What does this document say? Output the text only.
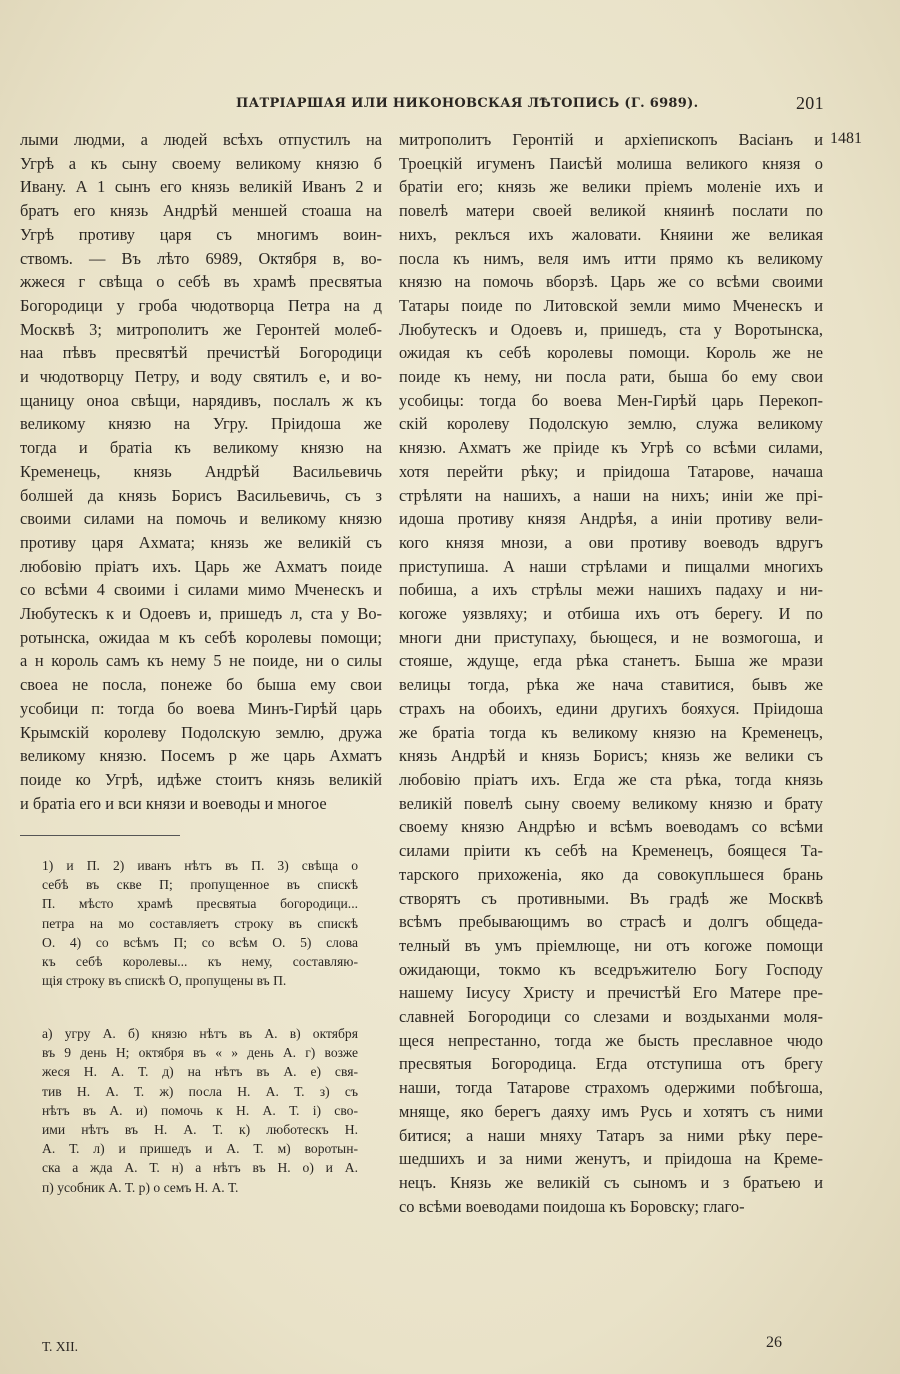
ПАТРІАРШАЯ ИЛИ НИКОНОВСКАЯ ЛѢТОПИСЬ (Г. 6989).	201
лыми людми, а людей всѣхъ отпустилъ на
Угрѣ а къ сыну своему великому князю б
Ивану. А 1 сынъ его князь великій Иванъ 2 и
братъ его князь Андрѣй меншей стоаша на
Угрѣ противу царя съ многимъ воин-
ствомъ. — Въ лѣто 6989, Октября в, во-
жжеся г свѣща о себѣ въ храмѣ пресвятыа
Богородици у гроба чюдотворца Петра на д
Москвѣ 3; митрополитъ же Геронтей молеб-
наа пѣвъ пресвятѣй пречистѣй Богородици
и чюдотворцу Петру, и воду святилъ е, и во-
щаницу оноа свѣщи, нарядивъ, послалъ ж къ
великому князю на Угру. Пріидоша же
тогда и братіа къ великому князю на
Кременець, князь Андрѣй Васильевичь
болшей да князь Борисъ Васильевичь, съ з
своими силами на помочь и великому князю
противу царя Ахмата; князь же великій съ
любовію пріатъ ихъ. Царь же Ахматъ поиде
со всѣми 4 своими і силами мимо Мченескъ и
Любутескъ к и Одоевъ и, пришедъ л, ста у Во-
ротынска, ожидаа м къ себѣ королевы помощи;
а н король самъ къ нему 5 не поиде, ни о силы
своеа не посла, понеже бо быша ему свои
усобици п: тогда бо воева Минъ-Гирѣй царь
Крымскій королеву Подолскую землю, дружа
великому князю. Посемъ р же царь Ахматъ
поиде ко Угрѣ, идѣже стоитъ князь великій
и братіа его и вси князи и воеводы и многое
митрополитъ Геронтій и архіепископъ Васіанъ и
Троецкій игуменъ Паисѣй молиша великого князя о
братіи его; князь же велики пріемъ моленіе ихъ и
повелѣ матери своей великой княинѣ послати по
нихъ, реклъся ихъ жаловати. Княини же великая
посла къ нимъ, веля имъ итти прямо къ великому
князю на помочь вборзѣ. Царь же со всѣми своими
Татары поиде по Литовской земли мимо Мченескъ и
Любутескъ и Одоевъ и, пришедъ, ста у Воротынска,
ожидая къ себѣ королевы помощи. Король же не
поиде къ нему, ни посла рати, быша бо ему свои
усобицы: тогда бо воева Мен-Гирѣй царь Перекоп-
скій королеву Подолскую землю, служа великому
князю. Ахматъ же пріиде къ Угрѣ со всѣми силами,
хотя перейти рѣку; и пріидоша Татарове, начаша
стрѣляти на нашихъ, а наши на нихъ; иніи же прі-
идоша противу князя Андрѣя, а иніи противу вели-
кого князя мнози, а ови противу воеводъ вдругъ
приступиша. А наши стрѣлами и пищалми многихъ
побиша, а ихъ стрѣлы межи нашихъ падаху и ни-
когоже уязвляху; и отбиша ихъ отъ берегу. И по
многи дни приступаху, бьющеся, и не возмогоша, и
стояше, ждуще, егда рѣка станетъ. Быша же мрази
велицы тогда, рѣка же нача ставитися, бывъ же
страхъ на обоихъ, едини другихъ бояхуся. Пріидоша
же братіа тогда къ великому князю на Кременецъ,
князь Андрѣй и князь Борисъ; князь же велики съ
любовію пріатъ ихъ. Егда же ста рѣка, тогда князь
великій повелѣ сыну своему великому князю и брату
своему князю Андрѣю и всѣмъ воеводамъ со всѣми
силами пріити къ себѣ на Кременецъ, боящеся Та-
тарского прихоженіа, яко да совокупльшеся брань
створятъ съ противными. Въ градѣ же Москвѣ
всѣмъ пребывающимъ во страсѣ и долгъ общеда-
телный въ умъ пріемлюще, ни отъ когоже помощи
ожидающи, токмо къ вседръжителю Богу Господу
нашему Іисусу Христу и пречистѣй Его Матере пре-
славней Богородици со слезами и воздыханми моля-
щеся непрестанно, тогда же бысть преславное чюдо
пресвятыя Богородица. Егда отступиша отъ брегу
наши, тогда Татарове страхомъ одержими побѣгоша,
мняще, яко берегъ даяху имъ Русь и хотятъ съ ними
битися; а наши мняху Татаръ за ними рѣку пере-
шедшихъ и за ними женутъ, и пріидоша на Креме-
нецъ. Князь же великій съ сыномъ и з братьею и
со всѣми воеводами поидоша къ Боровску; глаго-
1481
1) и П. 2) иванъ нѣтъ въ П. 3) свѣща о
себѣ въ скве П; пропущенное въ спискѣ
П. мѣсто храмѣ пресвятыа богородици...
петра на мо составляетъ строку въ спискѣ
О. 4) со всѣмъ П; со всѣм О. 5) слова
къ себѣ королевы... къ нему, составляю-
щія строку въ спискѣ О, пропущены въ П.
а) угру А. б) князю нѣтъ въ А. в) октября
въ 9 день Н; октября въ « » день А. г) возже
жеся Н. А. Т. д) на нѣтъ въ А. е) свя-
тив Н. А. Т. ж) посла Н. А. Т. з) съ
нѣтъ въ А. и) помочь к Н. А. Т. і) сво-
ими нѣтъ въ Н. А. Т. к) люботескъ Н.
А. Т. л) и пришедъ и А. Т. м) воротын-
ска а жда А. Т. н) а нѣтъ въ Н. о) и А.
п) усобник А. Т. р) о семъ Н. А. Т.
Т. XII.	26
